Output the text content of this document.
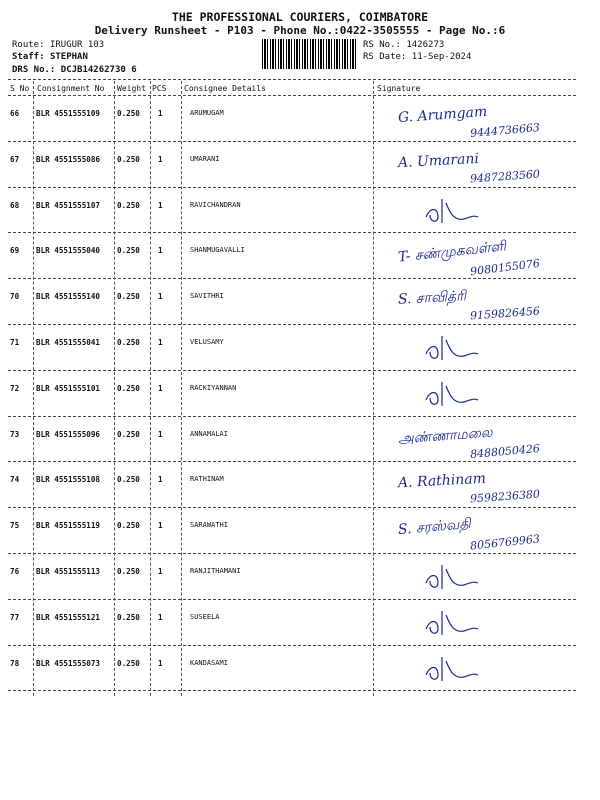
THE PROFESSIONAL COURIERS, COIMBATORE
Delivery Runsheet - P103 - Phone No.:0422-3505555 - Page No.:6
Route: IRUGUR 103
Staff: STEPHAN
DRS No.: DCJB14262730 6
RS No.: 1426273
RS Date: 11-Sep-2024
S No Consignment No Weight PCS Consignee Details	Signature
66 BLR 4551555109 0.250 1	ARUMUGAM	G. Arumgam
9444736663
67 BLR 4551555086 0.250 1	UMARANI	A. Umarani
9487283560
68 BLR 4551555107 0.250 1	RAVICHANDRAN
69 BLR 4551555040 0.250 1	SHANMUGAVALLI	T- சண்முகவள்ளி
9080155076
70 BLR 4551555140 0.250 1	SAVITHRI	S. சாவித்ரி
9159826456
71 BLR 4551555041 0.250 1	VELUSAMY
72 BLR 4551555101 0.250 1	RACKIYANNAN
73 BLR 4551555096 0.250 1	ANNAMALAI	அண்ணாமலை
8488050426
74 BLR 4551555108 0.250 1	RATHINAM	A. Rathinam
9598236380
75 BLR 4551555119 0.250 1	SARAWATHI	S. சரஸ்வதி
8056769963
76 BLR 4551555113 0.250 1	RANJITHAMANI
77 BLR 4551555121 0.250 1	SUSEELA
78 BLR 4551555073 0.250 1	KANDASAMI
